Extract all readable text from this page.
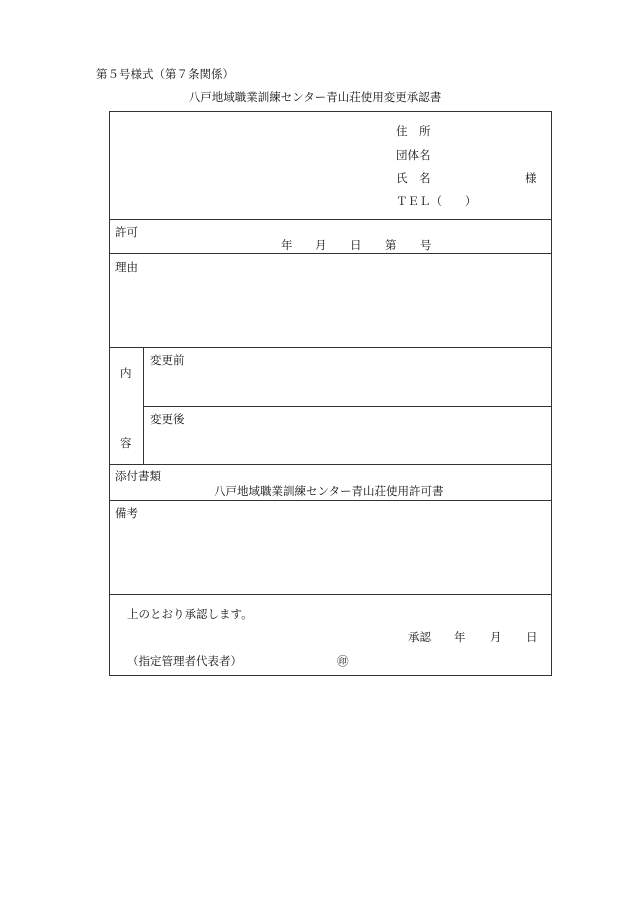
第５号様式（第７条関係）
八戸地域職業訓練センター青山荘使用変更承認書
住　所
団体名
氏　名	様
ＴＥＬ（　　）
許可
年 月 日 第 号
理由
内
容
変更前
変更後
添付書類
八戸地域職業訓練センター青山荘使用許可書
備考
上のとおり承認します。
承認 年 月 日
（指定管理者代表者）	㊞
